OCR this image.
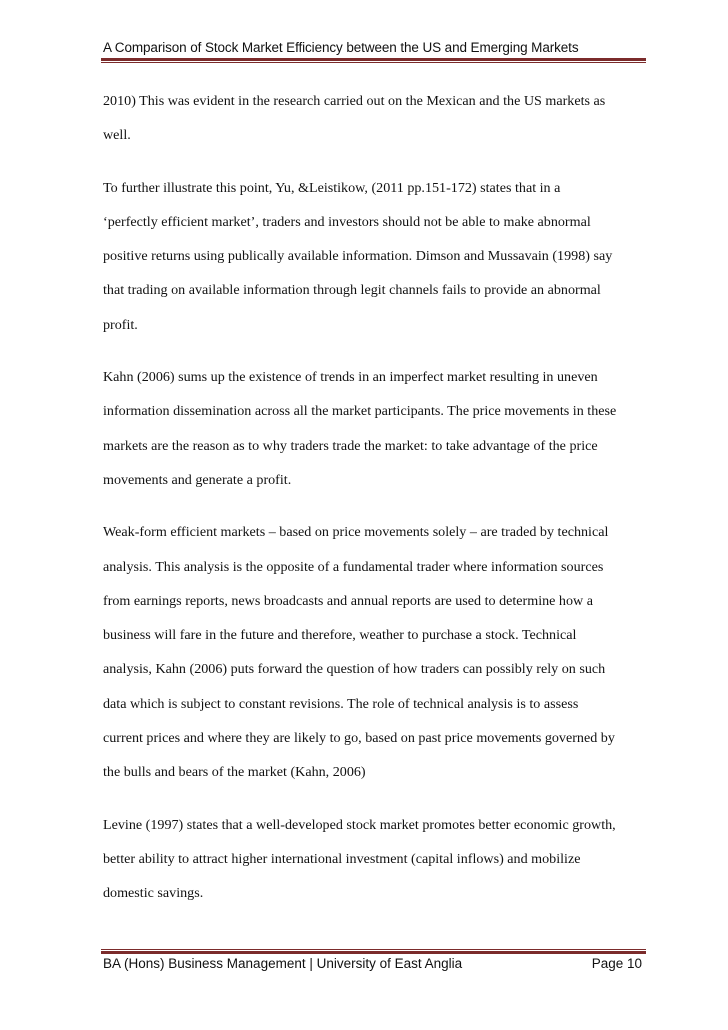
A Comparison of Stock Market Efficiency between the US and Emerging Markets

2010) This was evident in the research carried out on the Mexican and the US markets as
well.

To further illustrate this point, Yu, &Leistikow, (2011 pp.151-172) states that in a
‘perfectly efficient market’, traders and investors should not be able to make abnormal
positive returns using publically available information. Dimson and Mussavain (1998) say
that trading on available information through legit channels fails to provide an abnormal
profit.

Kahn (2006) sums up the existence of trends in an imperfect market resulting in uneven
information dissemination across all the market participants. The price movements in these
markets are the reason as to why traders trade the market: to take advantage of the price
movements and generate a profit.

Weak-form efficient markets – based on price movements solely – are traded by technical
analysis. This analysis is the opposite of a fundamental trader where information sources
from earnings reports, news broadcasts and annual reports are used to determine how a
business will fare in the future and therefore, weather to purchase a stock. Technical
analysis, Kahn (2006) puts forward the question of how traders can possibly rely on such
data which is subject to constant revisions. The role of technical analysis is to assess
current prices and where they are likely to go, based on past price movements governed by
the bulls and bears of the market (Kahn, 2006)

Levine (1997) states that a well-developed stock market promotes better economic growth,
better ability to attract higher international investment (capital inflows) and mobilize
domestic savings.

BA (Hons) Business Management | University of East Anglia	Page 10
